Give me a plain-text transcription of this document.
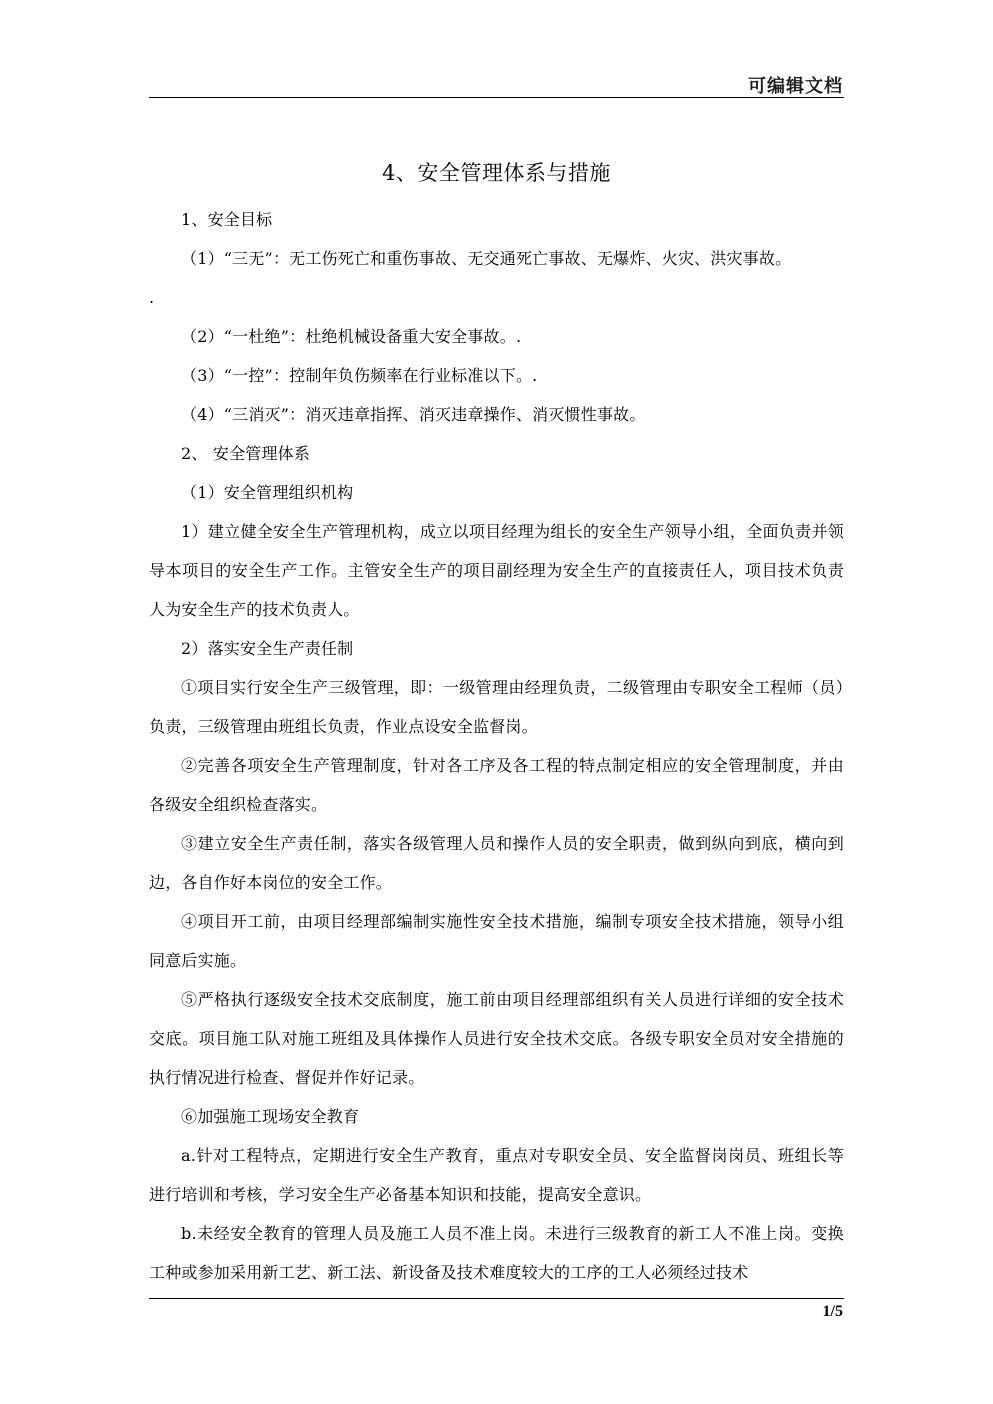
可编辑文档
4、安全管理体系与措施

1、安全目标

（1）“三无”：无工伤死亡和重伤事故、无交通死亡事故、无爆炸、火灾、洪灾事故。

.

（2）“一杜绝”：杜绝机械设备重大安全事故。.

（3）“一控”：控制年负伤频率在行业标准以下。.

（4）“三消灭”：消灭违章指挥、消灭违章操作、消灭惯性事故。

2、 安全管理体系

（1）安全管理组织机构

1）建立健全安全生产管理机构，成立以项目经理为组长的安全生产领导小组，全面负责并领导本项目的安全生产工作。主管安全生产的项目副经理为安全生产的直接责任人，项目技术负责人为安全生产的技术负责人。

2）落实安全生产责任制

①项目实行安全生产三级管理，即：一级管理由经理负责，二级管理由专职安全工程师（员）负责，三级管理由班组长负责，作业点设安全监督岗。

②完善各项安全生产管理制度，针对各工序及各工程的特点制定相应的安全管理制度，并由各级安全组织检查落实。

③建立安全生产责任制，落实各级管理人员和操作人员的安全职责，做到纵向到底，横向到边，各自作好本岗位的安全工作。

④项目开工前，由项目经理部编制实施性安全技术措施，编制专项安全技术措施，领导小组同意后实施。

⑤严格执行逐级安全技术交底制度，施工前由项目经理部组织有关人员进行详细的安全技术交底。项目施工队对施工班组及具体操作人员进行安全技术交底。各级专职安全员对安全措施的执行情况进行检查、督促并作好记录。

⑥加强施工现场安全教育

a.针对工程特点，定期进行安全生产教育，重点对专职安全员、安全监督岗岗员、班组长等进行培训和考核，学习安全生产必备基本知识和技能，提高安全意识。

b.未经安全教育的管理人员及施工人员不准上岗。未进行三级教育的新工人不准上岗。变换工种或参加采用新工艺、新工法、新设备及技术难度较大的工序的工人必须经过技术

1/5
